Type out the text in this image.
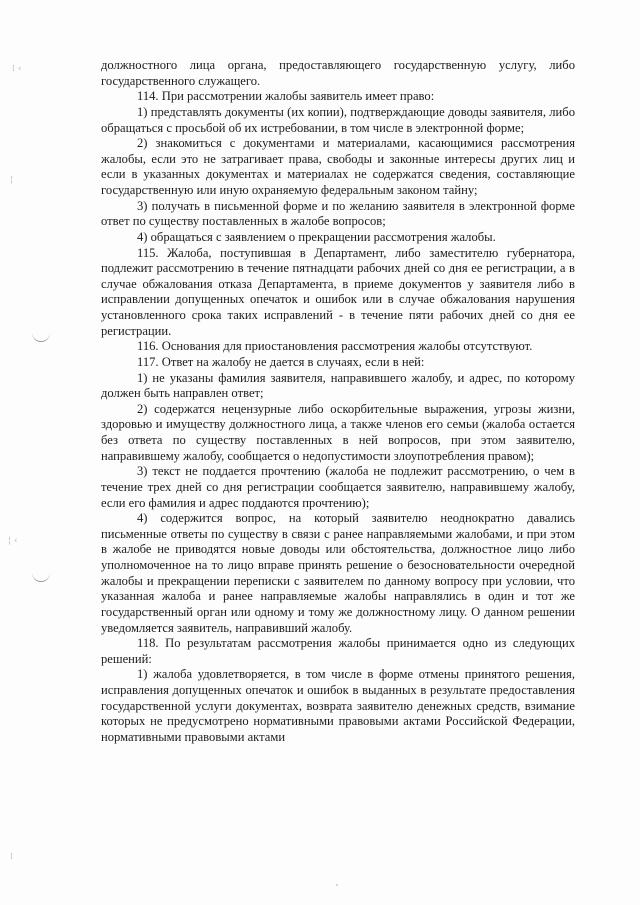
⁞ ‹
¦
¦ ‹
⁞

должностного лица органа, предоставляющего государственную услугу, либо государственного служащего.

114. При рассмотрении жалобы заявитель имеет право:

1) представлять документы (их копии), подтверждающие доводы заявителя, либо обращаться с просьбой об их истребовании, в том числе в электронной форме;

2) знакомиться с документами и материалами, касающимися рассмотрения жалобы, если это не затрагивает права, свободы и законные интересы других лиц и если в указанных документах и материалах не содержатся сведения, составляющие государственную или иную охраняемую федеральным законом тайну;

3) получать в письменной форме и по желанию заявителя в электронной форме ответ по существу поставленных в жалобе вопросов;

4) обращаться с заявлением о прекращении рассмотрения жалобы.

115. Жалоба, поступившая в Департамент, либо заместителю губернатора, подлежит рассмотрению в течение пятнадцати рабочих дней со дня ее регистрации, а в случае обжалования отказа Департамента, в приеме документов у заявителя либо в исправлении допущенных опечаток и ошибок или в случае обжалования нарушения установленного срока таких исправлений - в течение пяти рабочих дней со дня ее регистрации.

116. Основания для приостановления рассмотрения жалобы отсутствуют.

117. Ответ на жалобу не дается в случаях, если в ней:

1) не указаны фамилия заявителя, направившего жалобу, и адрес, по которому должен быть направлен ответ;

2) содержатся нецензурные либо оскорбительные выражения, угрозы жизни, здоровью и имуществу должностного лица, а также членов его семьи (жалоба остается без ответа по существу поставленных в ней вопросов, при этом заявителю, направившему жалобу, сообщается о недопустимости злоупотребления правом);

3) текст не поддается прочтению (жалоба не подлежит рассмотрению, о чем в течение трех дней со дня регистрации сообщается заявителю, направившему жалобу, если его фамилия и адрес поддаются прочтению);

4) содержится вопрос, на который заявителю неоднократно давались письменные ответы по существу в связи с ранее направляемыми жалобами, и при этом в жалобе не приводятся новые доводы или обстоятельства, должностное лицо либо уполномоченное на то лицо вправе принять решение о безосновательности очередной жалобы и прекращении переписки с заявителем по данному вопросу при условии, что указанная жалоба и ранее направляемые жалобы направлялись в один и тот же государственный орган или одному и тому же должностному лицу. О данном решении уведомляется заявитель, направивший жалобу.

118. По результатам рассмотрения жалобы принимается одно из следующих решений:

1) жалоба удовлетворяется, в том числе в форме отмены принятого решения, исправления допущенных опечаток и ошибок в выданных в результате предоставления государственной услуги документах, возврата заявителю денежных средств, взимание которых не предусмотрено нормативными правовыми актами Российской Федерации, нормативными правовыми актами
